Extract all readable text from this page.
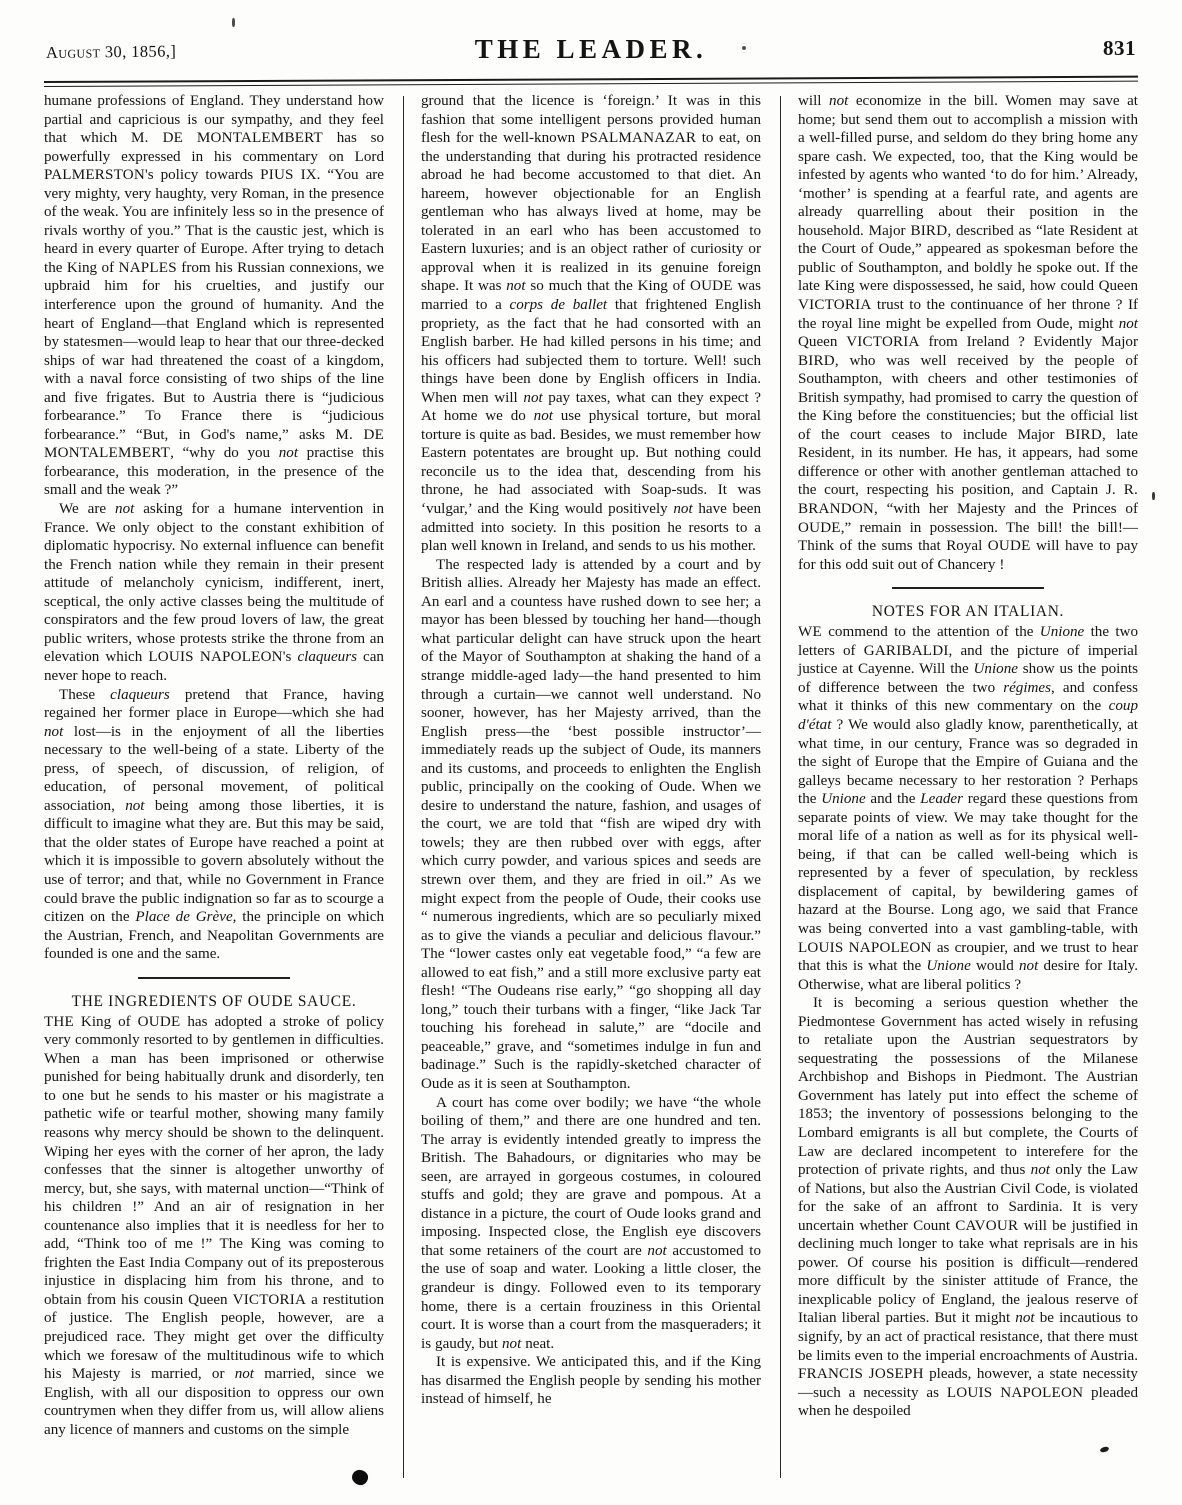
August 30, 1856,]	THE LEADER.	831

humane professions of England. They understand how partial and capricious is our sympathy, and they feel that which M. DE MONTALEMBERT has so powerfully expressed in his commentary on Lord PALMERSTON's policy towards PIUS IX. “You are very mighty, very haughty, very Roman, in the presence of the weak. You are infinitely less so in the presence of rivals worthy of you.” That is the caustic jest, which is heard in every quarter of Europe. After trying to detach the King of NAPLES from his Russian connexions, we upbraid him for his cruelties, and justify our interference upon the ground of humanity. And the heart of England—that England which is represented by statesmen—would leap to hear that our three-decked ships of war had threatened the coast of a kingdom, with a naval force consisting of two ships of the line and five frigates. But to Austria there is “judicious forbearance.” To France there is “judicious forbearance.” “But, in God's name,” asks M. DE MONTALEMBERT, “why do you not practise this forbearance, this moderation, in the presence of the small and the weak ?”

We are not asking for a humane intervention in France. We only object to the constant exhibition of diplomatic hypocrisy. No external influence can benefit the French nation while they remain in their present attitude of melancholy cynicism, indifferent, inert, sceptical, the only active classes being the multitude of conspirators and the few proud lovers of law, the great public writers, whose protests strike the throne from an elevation which LOUIS NAPOLEON's claqueurs can never hope to reach.

These claqueurs pretend that France, having regained her former place in Europe—which she had not lost—is in the enjoyment of all the liberties necessary to the well-being of a state. Liberty of the press, of speech, of discussion, of religion, of education, of personal movement, of political association, not being among those liberties, it is difficult to imagine what they are. But this may be said, that the older states of Europe have reached a point at which it is impossible to govern absolutely without the use of terror; and that, while no Government in France could brave the public indignation so far as to scourge a citizen on the Place de Grève, the principle on which the Austrian, French, and Neapolitan Governments are founded is one and the same.

THE INGREDIENTS OF OUDE SAUCE.

THE King of OUDE has adopted a stroke of policy very commonly resorted to by gentlemen in difficulties. When a man has been imprisoned or otherwise punished for being habitually drunk and disorderly, ten to one but he sends to his master or his magistrate a pathetic wife or tearful mother, showing many family reasons why mercy should be shown to the delinquent. Wiping her eyes with the corner of her apron, the lady confesses that the sinner is altogether unworthy of mercy, but, she says, with maternal unction—“Think of his children !” And an air of resignation in her countenance also implies that it is needless for her to add, “Think too of me !” The King was coming to frighten the East India Company out of its preposterous injustice in displacing him from his throne, and to obtain from his cousin Queen VICTORIA a restitution of justice. The English people, however, are a prejudiced race. They might get over the difficulty which we foresaw of the multitudinous wife to which his Majesty is married, or not married, since we English, with all our disposition to oppress our own countrymen when they differ from us, will allow aliens any licence of manners and customs on the simple

ground that the licence is ‘foreign.’ It was in this fashion that some intelligent persons provided human flesh for the well-known PSALMANAZAR to eat, on the understanding that during his protracted residence abroad he had become accustomed to that diet. An hareem, however objectionable for an English gentleman who has always lived at home, may be tolerated in an earl who has been accustomed to Eastern luxuries; and is an object rather of curiosity or approval when it is realized in its genuine foreign shape. It was not so much that the King of OUDE was married to a corps de ballet that frightened English propriety, as the fact that he had consorted with an English barber. He had killed persons in his time; and his officers had subjected them to torture. Well! such things have been done by English officers in India. When men will not pay taxes, what can they expect ? At home we do not use physical torture, but moral torture is quite as bad. Besides, we must remember how Eastern potentates are brought up. But nothing could reconcile us to the idea that, descending from his throne, he had associated with Soap-suds. It was ‘vulgar,’ and the King would positively not have been admitted into society. In this position he resorts to a plan well known in Ireland, and sends to us his mother.

The respected lady is attended by a court and by British allies. Already her Majesty has made an effect. An earl and a countess have rushed down to see her; a mayor has been blessed by touching her hand—though what particular delight can have struck upon the heart of the Mayor of Southampton at shaking the hand of a strange middle-aged lady—the hand presented to him through a curtain—we cannot well understand. No sooner, however, has her Majesty arrived, than the English press—the ‘best possible instructor’—immediately reads up the subject of Oude, its manners and its customs, and proceeds to enlighten the English public, principally on the cooking of Oude. When we desire to understand the nature, fashion, and usages of the court, we are told that “fish are wiped dry with towels; they are then rubbed over with eggs, after which curry powder, and various spices and seeds are strewn over them, and they are fried in oil.” As we might expect from the people of Oude, their cooks use “ numerous ingredients, which are so peculiarly mixed as to give the viands a peculiar and delicious flavour.” The “lower castes only eat vegetable food,” “a few are allowed to eat fish,” and a still more exclusive party eat flesh! “The Oudeans rise early,” “go shopping all day long,” touch their turbans with a finger, “like Jack Tar touching his forehead in salute,” are “docile and peaceable,” grave, and “sometimes indulge in fun and badinage.” Such is the rapidly-sketched character of Oude as it is seen at Southampton.

A court has come over bodily; we have “the whole boiling of them,” and there are one hundred and ten. The array is evidently intended greatly to impress the British. The Bahadours, or dignitaries who may be seen, are arrayed in gorgeous costumes, in coloured stuffs and gold; they are grave and pompous. At a distance in a picture, the court of Oude looks grand and imposing. Inspected close, the English eye discovers that some retainers of the court are not accustomed to the use of soap and water. Looking a little closer, the grandeur is dingy. Followed even to its temporary home, there is a certain frouziness in this Oriental court. It is worse than a court from the masqueraders; it is gaudy, but not neat.

It is expensive. We anticipated this, and if the King has disarmed the English people by sending his mother instead of himself, he

will not economize in the bill. Women may save at home; but send them out to accomplish a mission with a well-filled purse, and seldom do they bring home any spare cash. We expected, too, that the King would be infested by agents who wanted ‘to do for him.’ Already, ‘mother’ is spending at a fearful rate, and agents are already quarrelling about their position in the household. Major BIRD, described as “late Resident at the Court of Oude,” appeared as spokesman before the public of Southampton, and boldly he spoke out. If the late King were dispossessed, he said, how could Queen VICTORIA trust to the continuance of her throne ? If the royal line might be expelled from Oude, might not Queen VICTORIA from Ireland ? Evidently Major BIRD, who was well received by the people of Southampton, with cheers and other testimonies of British sympathy, had promised to carry the question of the King before the constituencies; but the official list of the court ceases to include Major BIRD, late Resident, in its number. He has, it appears, had some difference or other with another gentleman attached to the court, respecting his position, and Captain J. R. BRANDON, “with her Majesty and the Princes of OUDE,” remain in possession. The bill! the bill!—Think of the sums that Royal OUDE will have to pay for this odd suit out of Chancery !

NOTES FOR AN ITALIAN.

WE commend to the attention of the Unione the two letters of GARIBALDI, and the picture of imperial justice at Cayenne. Will the Unione show us the points of difference between the two régimes, and confess what it thinks of this new commentary on the coup d'état ? We would also gladly know, parenthetically, at what time, in our century, France was so degraded in the sight of Europe that the Empire of Guiana and the galleys became necessary to her restoration ? Perhaps the Unione and the Leader regard these questions from separate points of view. We may take thought for the moral life of a nation as well as for its physical well-being, if that can be called well-being which is represented by a fever of speculation, by reckless displacement of capital, by bewildering games of hazard at the Bourse. Long ago, we said that France was being converted into a vast gambling-table, with LOUIS NAPOLEON as croupier, and we trust to hear that this is what the Unione would not desire for Italy. Otherwise, what are liberal politics ?

It is becoming a serious question whether the Piedmontese Government has acted wisely in refusing to retaliate upon the Austrian sequestrators by sequestrating the possessions of the Milanese Archbishop and Bishops in Piedmont. The Austrian Government has lately put into effect the scheme of 1853; the inventory of possessions belonging to the Lombard emigrants is all but complete, the Courts of Law are declared incompetent to interefere for the protection of private rights, and thus not only the Law of Nations, but also the Austrian Civil Code, is violated for the sake of an affront to Sardinia. It is very uncertain whether Count CAVOUR will be justified in declining much longer to take what reprisals are in his power. Of course his position is difficult—rendered more difficult by the sinister attitude of France, the inexplicable policy of England, the jealous reserve of Italian liberal parties. But it might not be incautious to signify, by an act of practical resistance, that there must be limits even to the imperial encroachments of Austria. FRANCIS JOSEPH pleads, however, a state necessity—such a necessity as LOUIS NAPOLEON pleaded when he despoiled
